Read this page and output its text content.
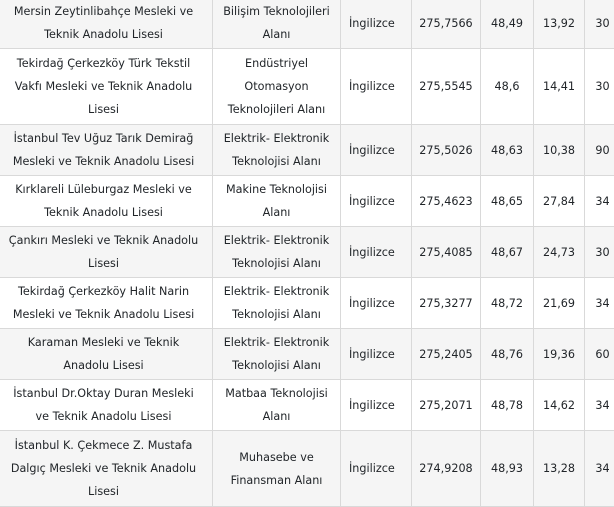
Mersin Zeytinlibahçe Mesleki ve Teknik Anadolu Lisesi	Bilişim Teknolojileri Alanı	İngilizce	275,7566	48,49	13,92	30
Tekirdağ Çerkezköy Türk Tekstil Vakfı Mesleki ve Teknik Anadolu Lisesi	Endüstriyel Otomasyon Teknolojileri Alanı	İngilizce	275,5545	48,6	14,41	30
İstanbul Tev Uğuz Tarık Demirağ Mesleki ve Teknik Anadolu Lisesi	Elektrik- Elektronik Teknolojisi Alanı	İngilizce	275,5026	48,63	10,38	90
Kırklareli Lüleburgaz Mesleki ve Teknik Anadolu Lisesi	Makine Teknolojisi Alanı	İngilizce	275,4623	48,65	27,84	34
Çankırı Mesleki ve Teknik Anadolu Lisesi	Elektrik- Elektronik Teknolojisi Alanı	İngilizce	275,4085	48,67	24,73	30
Tekirdağ Çerkezköy Halit Narin Mesleki ve Teknik Anadolu Lisesi	Elektrik- Elektronik Teknolojisi Alanı	İngilizce	275,3277	48,72	21,69	34
Karaman Mesleki ve Teknik Anadolu Lisesi	Elektrik- Elektronik Teknolojisi Alanı	İngilizce	275,2405	48,76	19,36	60
İstanbul Dr.Oktay Duran Mesleki ve Teknik Anadolu Lisesi	Matbaa Teknolojisi Alanı	İngilizce	275,2071	48,78	14,62	34
İstanbul K. Çekmece Z. Mustafa Dalgıç Mesleki ve Teknik Anadolu Lisesi	Muhasebe ve Finansman Alanı	İngilizce	274,9208	48,93	13,28	34
